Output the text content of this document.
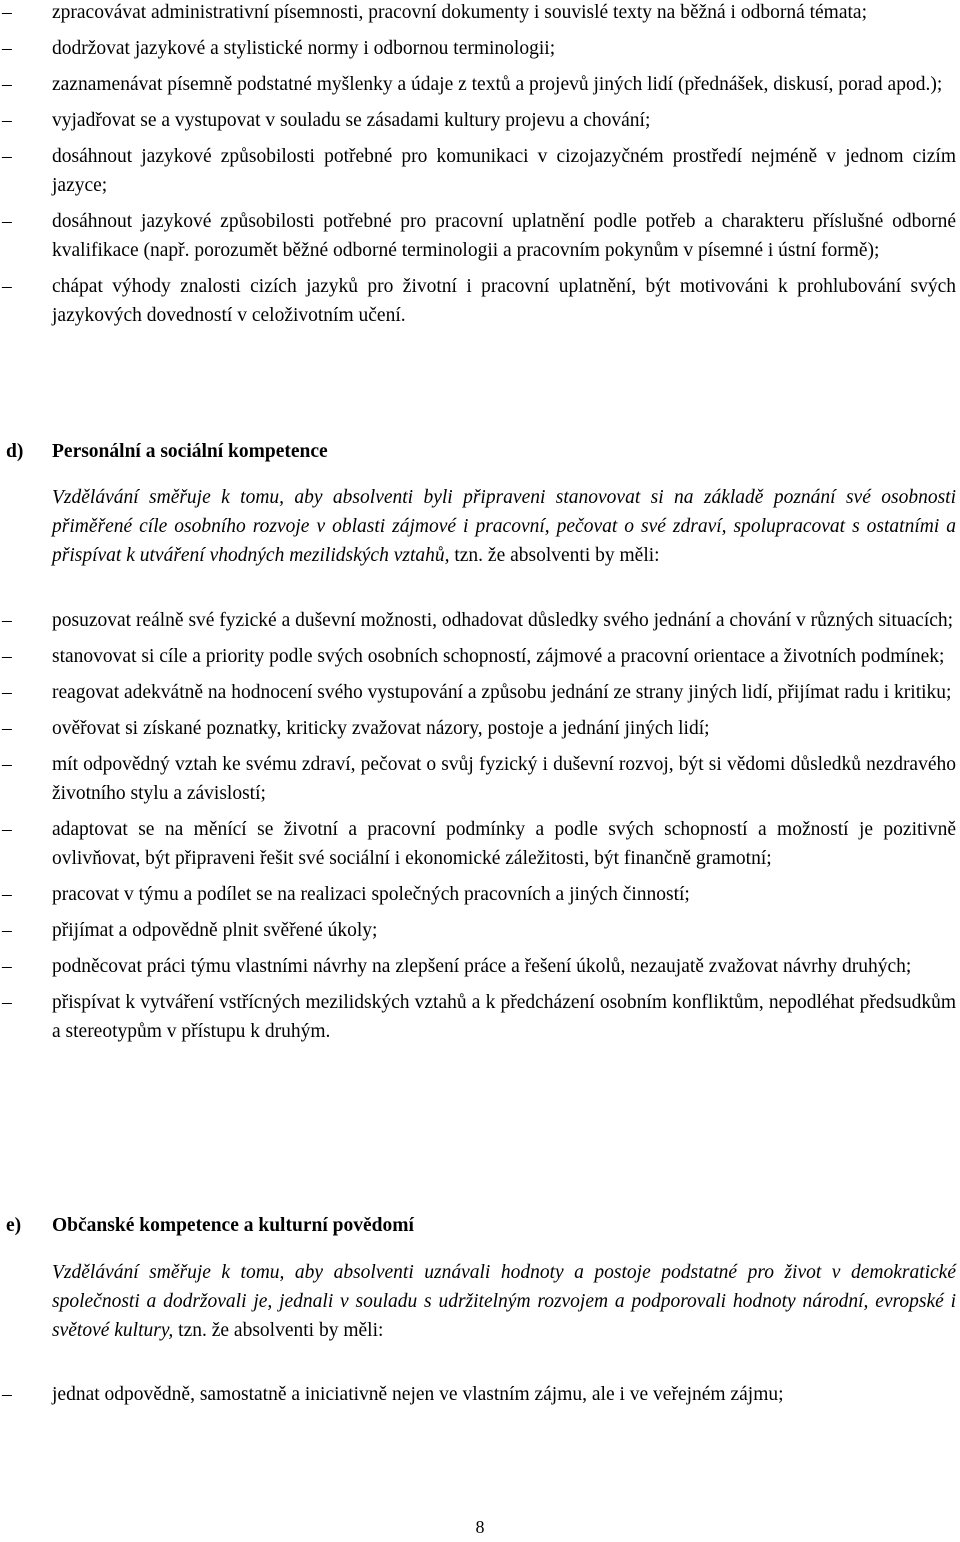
– zpracovávat administrativní písemnosti, pracovní dokumenty i souvislé texty na běžná i odborná témata;
– dodržovat jazykové a stylistické normy i odbornou terminologii;
– zaznamenávat písemně podstatné myšlenky a údaje z textů a projevů jiných lidí (přednášek, diskusí, porad apod.);
– vyjadřovat se a vystupovat v souladu se zásadami kultury projevu a chování;
– dosáhnout jazykové způsobilosti potřebné pro komunikaci v cizojazyčném prostředí nejméně v jednom cizím jazyce;
– dosáhnout jazykové způsobilosti potřebné pro pracovní uplatnění podle potřeb a charakteru příslušné odborné kvalifikace (např. porozumět běžné odborné terminologii a pracovním pokynům v písemné i ústní formě);
– chápat výhody znalosti cizích jazyků pro životní i pracovní uplatnění, být motivováni k prohlubování svých jazykových dovedností v celoživotním učení.
d) Personální a sociální kompetence
Vzdělávání směřuje k tomu, aby absolventi byli připraveni stanovovat si na základě poznání své osobnosti přiměřené cíle osobního rozvoje v oblasti zájmové i pracovní, pečovat o své zdraví, spolupracovat s ostatními a přispívat k utváření vhodných mezilidských vztahů, tzn. že absolventi by měli:
– posuzovat reálně své fyzické a duševní možnosti, odhadovat důsledky svého jednání a chování v různých situacích;
– stanovovat si cíle a priority podle svých osobních schopností, zájmové a pracovní orientace a životních podmínek;
– reagovat adekvátně na hodnocení svého vystupování a způsobu jednání ze strany jiných lidí, přijímat radu i kritiku;
– ověřovat si získané poznatky, kriticky zvažovat názory, postoje a jednání jiných lidí;
– mít odpovědný vztah ke svému zdraví, pečovat o svůj fyzický i duševní rozvoj, být si vědomi důsledků nezdravého životního stylu a závislostí;
– adaptovat se na měnící se životní a pracovní podmínky a podle svých schopností a možností je pozitivně ovlivňovat, být připraveni řešit své sociální i ekonomické záležitosti, být finančně gramotní;
– pracovat v týmu a podílet se na realizaci společných pracovních a jiných činností;
– přijímat a odpovědně plnit svěřené úkoly;
– podněcovat práci týmu vlastními návrhy na zlepšení práce a řešení úkolů, nezaujatě zvažovat návrhy druhých;
– přispívat k vytváření vstřícných mezilidských vztahů a k předcházení osobním konfliktům, nepodléhat předsudkům a stereotypům v přístupu k druhým.
e) Občanské kompetence a kulturní povědomí
Vzdělávání směřuje k tomu, aby absolventi uznávali hodnoty a postoje podstatné pro život v demokratické společnosti a dodržovali je, jednali v souladu s udržitelným rozvojem a podporovali hodnoty národní, evropské i světové kultury, tzn. že absolventi by měli:
– jednat odpovědně, samostatně a iniciativně nejen ve vlastním zájmu, ale i ve veřejném zájmu;
8
